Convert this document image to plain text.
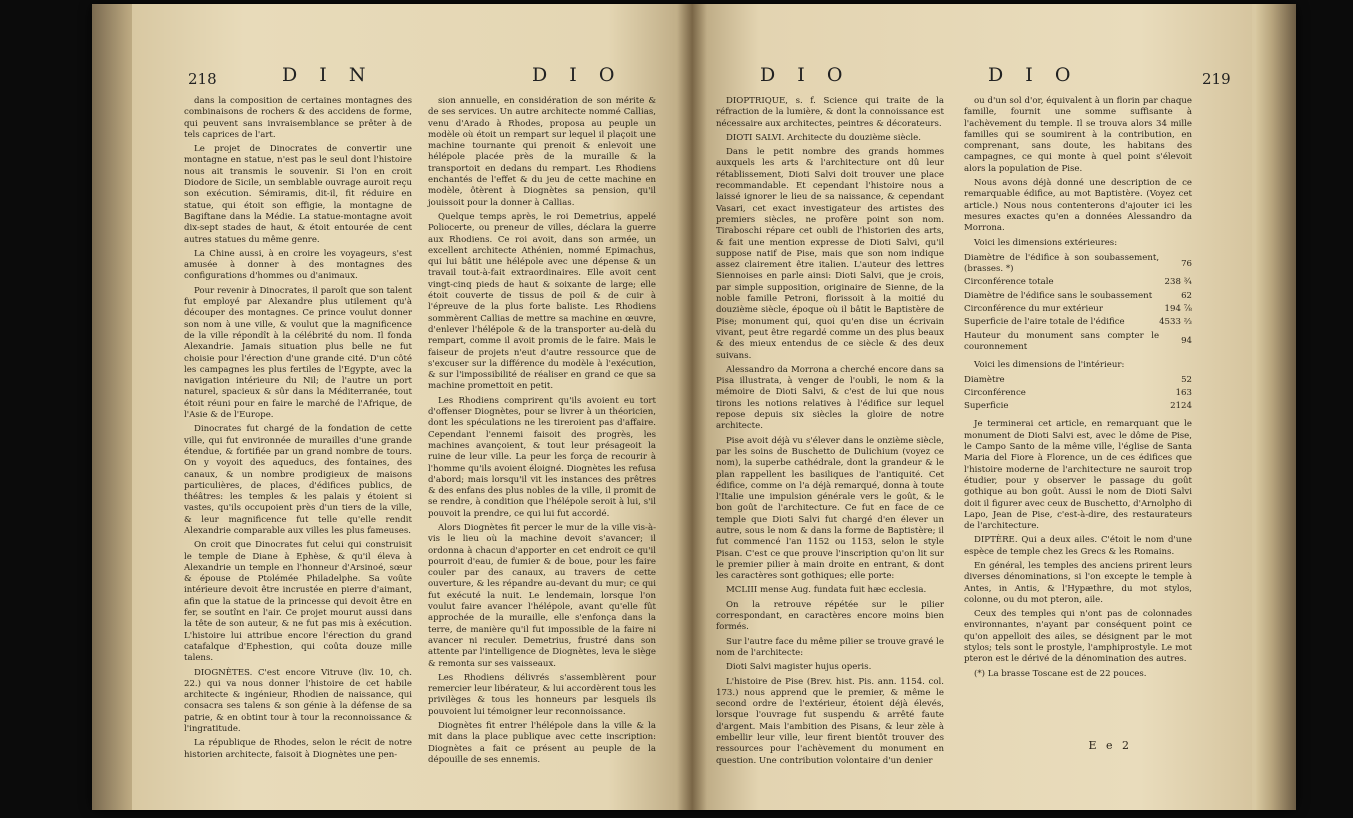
218	D I N	D I O

dans la composition de certaines montagnes des combinaisons de rochers & des accidens de forme, qui peuvent sans invraisemblance se prêter à de tels caprices de l'art.

Le projet de Dinocrates de convertir une montagne en statue, n'est pas le seul dont l'histoire nous ait transmis le souvenir. Si l'on en croit Diodore de Sicile, un semblable ouvrage auroit reçu son exécution. Sémiramis, dit-il, fit réduire en statue, qui étoit son effigie, la montagne de Bagiftane dans la Médie. La statue-montagne avoit dix-sept stades de haut, & étoit entourée de cent autres statues du même genre.

La Chine aussi, à en croire les voyageurs, s'est amusée à donner à des montagnes des configurations d'hommes ou d'animaux.

Pour revenir à Dinocrates, il paroît que son talent fut employé par Alexandre plus utilement qu'à découper des montagnes. Ce prince voulut donner son nom à une ville, & voulut que la magnificence de la ville répondît à la célébrité du nom. Il fonda Alexandrie. Jamais situation plus belle ne fut choisie pour l'érection d'une grande cité. D'un côté les campagnes les plus fertiles de l'Egypte, avec la navigation intérieure du Nil; de l'autre un port naturel, spacieux & sûr dans la Méditerranée, tout étoit réuni pour en faire le marché de l'Afrique, de l'Asie & de l'Europe.

Dinocrates fut chargé de la fondation de cette ville, qui fut environnée de murailles d'une grande étendue, & fortifiée par un grand nombre de tours. On y voyoit des aqueducs, des fontaines, des canaux, & un nombre prodigieux de maisons particulières, de places, d'édifices publics, de théâtres: les temples & les palais y étoient si vastes, qu'ils occupoient près d'un tiers de la ville, & leur magnificence fut telle qu'elle rendit Alexandrie comparable aux villes les plus fameuses.

On croit que Dinocrates fut celui qui construisit le temple de Diane à Ephèse, & qu'il éleva à Alexandrie un temple en l'honneur d'Arsinoé, sœur & épouse de Ptolémée Philadelphe. Sa voûte intérieure devoit être incrustée en pierre d'aimant, afin que la statue de la princesse qui devoit être en fer, se soutînt en l'air. Ce projet mourut aussi dans la tête de son auteur, & ne fut pas mis à exécution. L'histoire lui attribue encore l'érection du grand catafalque d'Ephestion, qui coûta douze mille talens.

DIOGNÈTES. C'est encore Vitruve (liv. 10, ch. 22.) qui va nous donner l'histoire de cet habile architecte & ingénieur, Rhodien de naissance, qui consacra ses talens & son génie à la défense de sa patrie, & en obtint tour à tour la reconnoissance & l'ingratitude.

La république de Rhodes, selon le récit de notre historien architecte, faisoit à Diognètes une pen-

sion annuelle, en considération de son mérite & de ses services. Un autre architecte nommé Callias, venu d'Arado à Rhodes, proposa au peuple un modèle où étoit un rempart sur lequel il plaçoit une machine tournante qui prenoit & enlevoit une hélépole placée près de la muraille & la transportoit en dedans du rempart. Les Rhodiens enchantés de l'effet & du jeu de cette machine en modèle, ôtèrent à Diognètes sa pension, qu'il jouissoit pour la donner à Callias.

Quelque temps après, le roi Demetrius, appelé Poliocerte, ou preneur de villes, déclara la guerre aux Rhodiens. Ce roi avoit, dans son armée, un excellent architecte Athénien, nommé Epimachus, qui lui bâtit une hélépole avec une dépense & un travail tout-à-fait extraordinaires. Elle avoit cent vingt-cinq pieds de haut & soixante de large; elle étoit couverte de tissus de poil & de cuir à l'épreuve de la plus forte baliste. Les Rhodiens sommèrent Callias de mettre sa machine en œuvre, d'enlever l'hélépole & de la transporter au-delà du rempart, comme il avoit promis de le faire. Mais le faiseur de projets n'eut d'autre ressource que de s'excuser sur la différence du modèle à l'exécution, & sur l'impossibilité de réaliser en grand ce que sa machine promettoit en petit.

Les Rhodiens comprirent qu'ils avoient eu tort d'offenser Diognètes, pour se livrer à un théoricien, dont les spéculations ne les tireroient pas d'affaire. Cependant l'ennemi faisoit des progrès, les machines avançoient, & tout leur présageoit la ruine de leur ville. La peur les força de recourir à l'homme qu'ils avoient éloigné. Diognètes les refusa d'abord; mais lorsqu'il vit les instances des prêtres & des enfans des plus nobles de la ville, il promit de se rendre, à condition que l'hélépole seroit à lui, s'il pouvoit la prendre, ce qui lui fut accordé.

Alors Diognètes fit percer le mur de la ville vis-à-vis le lieu où la machine devoit s'avancer; il ordonna à chacun d'apporter en cet endroit ce qu'il pourroit d'eau, de fumier & de boue, pour les faire couler par des canaux, au travers de cette ouverture, & les répandre au-devant du mur; ce qui fut exécuté la nuit. Le lendemain, lorsque l'on voulut faire avancer l'hélépole, avant qu'elle fût approchée de la muraille, elle s'enfonça dans la terre, de manière qu'il fut impossible de la faire ni avancer ni reculer. Demetrius, frustré dans son attente par l'intelligence de Diognètes, leva le siège & remonta sur ses vaisseaux.

Les Rhodiens délivrés s'assemblèrent pour remercier leur libérateur, & lui accordèrent tous les privilèges & tous les honneurs par lesquels ils pouvoient lui témoigner leur reconnoissance.

Diognètes fit entrer l'hélépole dans la ville & la mit dans la place publique avec cette inscription: Diognètes a fait ce présent au peuple de la dépouille de ses ennemis.

D I O	D I O	219

DIOPTRIQUE, s. f. Science qui traite de la réfraction de la lumière, & dont la connoissance est nécessaire aux architectes, peintres & décorateurs.

DIOTI SALVI. Architecte du douzième siècle.

Dans le petit nombre des grands hommes auxquels les arts & l'architecture ont dû leur rétablissement, Dioti Salvi doit trouver une place recommandable. Et cependant l'histoire nous a laissé ignorer le lieu de sa naissance, & cependant Vasari, cet exact investigateur des artistes des premiers siècles, ne profère point son nom. Tiraboschi répare cet oubli de l'historien des arts, & fait une mention expresse de Dioti Salvi, qu'il suppose natif de Pise, mais que son nom indique assez clairement être italien. L'auteur des lettres Siennoises en parle ainsi: Dioti Salvi, que je crois, par simple supposition, originaire de Sienne, de la noble famille Petroni, florissoit à la moitié du douzième siècle, époque où il bâtit le Baptistère de Pise; monument qui, quoi qu'en dise un écrivain vivant, peut être regardé comme un des plus beaux & des mieux entendus de ce siècle & des deux suivans.

Alessandro da Morrona a cherché encore dans sa Pisa illustrata, à venger de l'oubli, le nom & la mémoire de Dioti Salvi, & c'est de lui que nous tirons les notions relatives à l'édifice sur lequel repose depuis six siècles la gloire de notre architecte.

Pise avoit déjà vu s'élever dans le onzième siècle, par les soins de Buschetto de Dulichium (voyez ce nom), la superbe cathédrale, dont la grandeur & le plan rappellent les basiliques de l'antiquité. Cet édifice, comme on l'a déjà remarqué, donna à toute l'Italie une impulsion générale vers le goût, & le bon goût de l'architecture. Ce fut en face de ce temple que Dioti Salvi fut chargé d'en élever un autre, sous le nom & dans la forme de Baptistère; il fut commencé l'an 1152 ou 1153, selon le style Pisan. C'est ce que prouve l'inscription qu'on lit sur le premier pilier à main droite en entrant, & dont les caractères sont gothiques; elle porte:

MCLIII mense Aug. fundata fuit hæc ecclesia.

On la retrouve répétée sur le pilier correspondant, en caractères encore moins bien formés.

Sur l'autre face du même pilier se trouve gravé le nom de l'architecte:

Dioti Salvi magister hujus operis.

L'histoire de Pise (Brev. hist. Pis. ann. 1154. col. 173.) nous apprend que le premier, & même le second ordre de l'extérieur, étoient déjà élevés, lorsque l'ouvrage fut suspendu & arrêté faute d'argent. Mais l'ambition des Pisans, & leur zèle à embellir leur ville, leur firent bientôt trouver des ressources pour l'achèvement du monument en question. Une contribution volontaire d'un denier

ou d'un sol d'or, équivalent à un florin par chaque famille, fournit une somme suffisante à l'achèvement du temple. Il se trouva alors 34 mille familles qui se soumirent à la contribution, en comprenant, sans doute, les habitans des campagnes, ce qui monte à quel point s'élevoit alors la population de Pise.

Nous avons déjà donné une description de ce remarquable édifice, au mot Baptistère. (Voyez cet article.) Nous nous contenterons d'ajouter ici les mesures exactes qu'en a données Alessandro da Morrona.

Voici les dimensions extérieures:

Diamètre de l'édifice à son soubassement, (brasses. *)	76
Circonférence totale	238 ¾
Diamètre de l'édifice sans le soubassement	62
Circonférence du mur extérieur	194 ⅞
Superficie de l'aire totale de l'édifice	4533 ⅔
Hauteur du monument sans compter le couronnement	94
Voici les dimensions de l'intérieur:
Diamètre	52
Circonférence	163
Superficie	2124

Je terminerai cet article, en remarquant que le monument de Dioti Salvi est, avec le dôme de Pise, le Campo Santo de la même ville, l'église de Santa Maria del Fiore à Florence, un de ces édifices que l'histoire moderne de l'architecture ne sauroit trop étudier, pour y observer le passage du goût gothique au bon goût. Aussi le nom de Dioti Salvi doit il figurer avec ceux de Buschetto, d'Arnolpho di Lapo, Jean de Pise, c'est-à-dire, des restaurateurs de l'architecture.

DIPTÈRE. Qui a deux ailes. C'étoit le nom d'une espèce de temple chez les Grecs & les Romains.

En général, les temples des anciens prirent leurs diverses dénominations, si l'on excepte le temple à Antes, in Antis, & l'Hypæthre, du mot stylos, colonne, ou du mot pteron, aile.

Ceux des temples qui n'ont pas de colonnades environnantes, n'ayant par conséquent point ce qu'on appelloit des ailes, se désignent par le mot stylos; tels sont le prostyle, l'amphiprostyle. Le mot pteron est le dérivé de la dénomination des autres.

(*) La brasse Toscane est de 22 pouces.

E e 2
